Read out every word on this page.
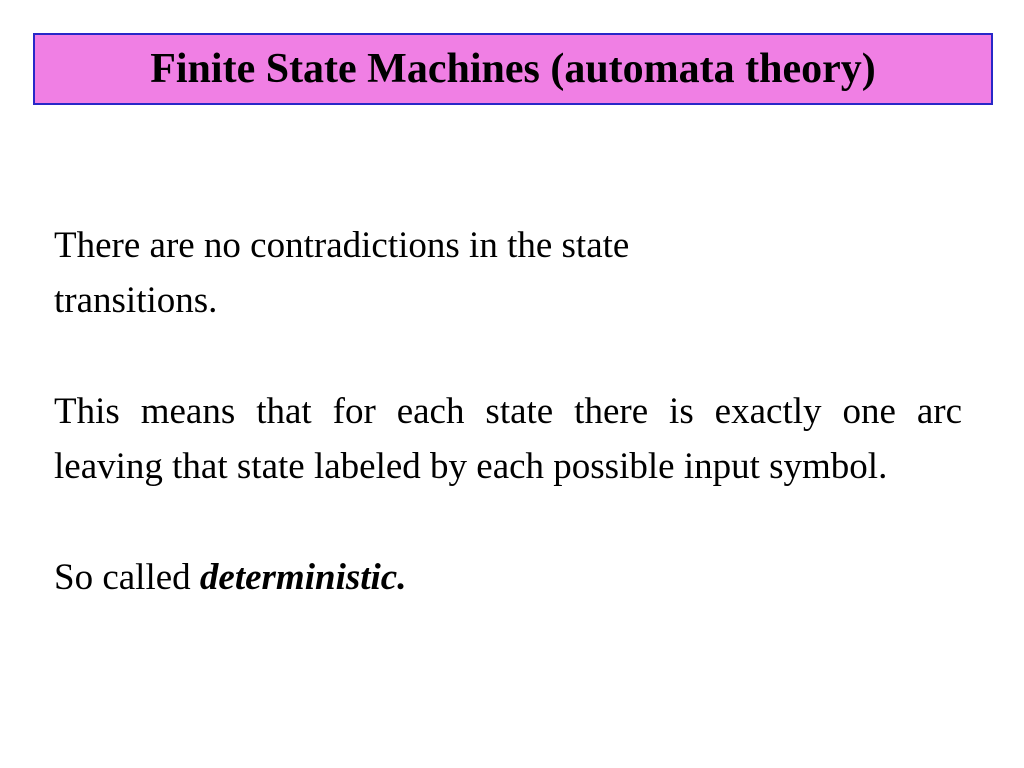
Finite State Machines (automata theory)

There are no contradictions in the state transitions.

This means that for each state there is exactly one arc leaving that state labeled by each possible input symbol.

So called deterministic.
